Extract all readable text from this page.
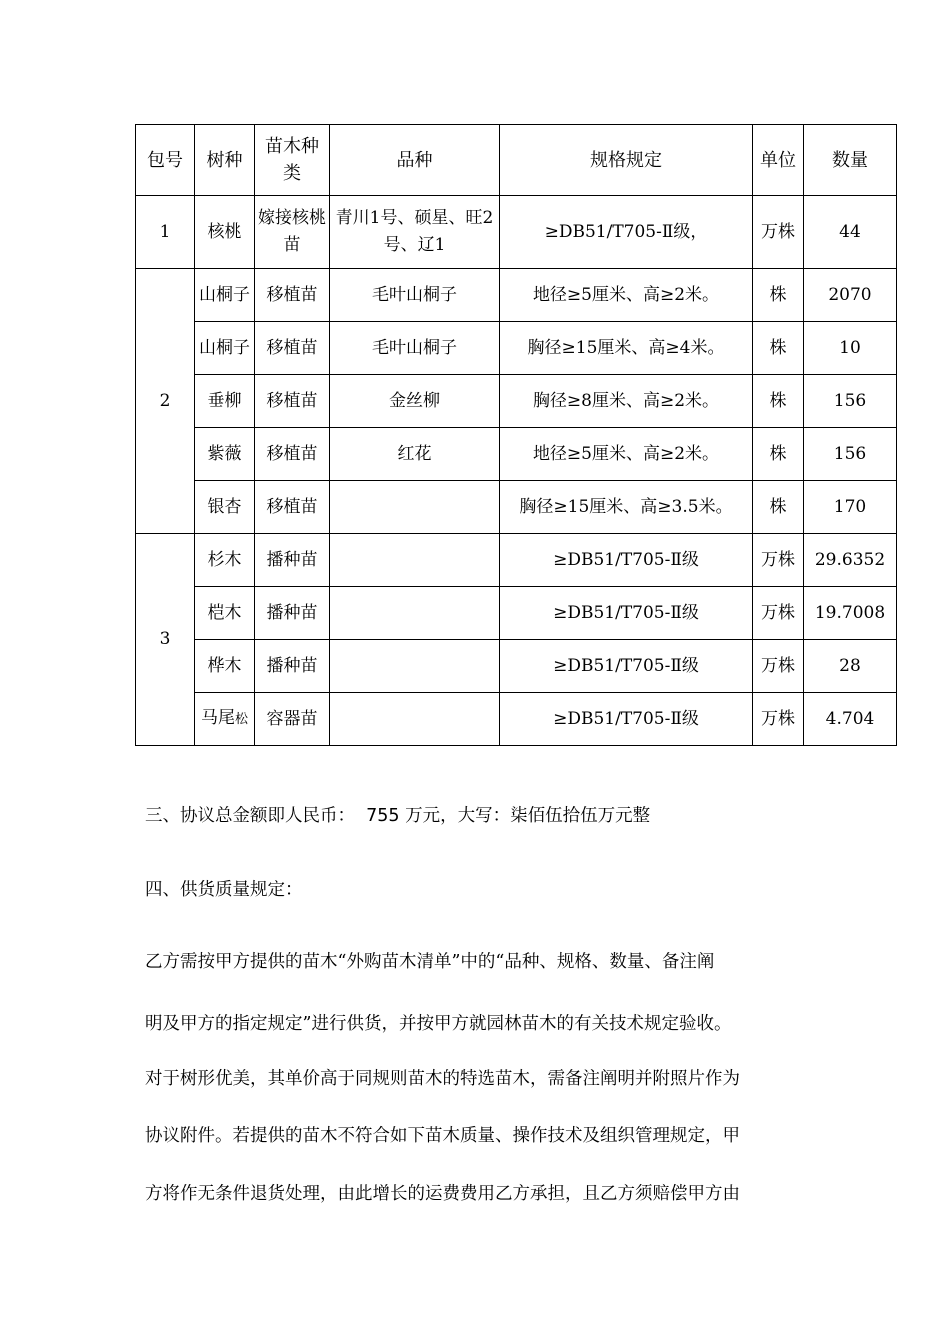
包号	树种	苗木种类	品种	规格规定	单位	数量
1	核桃	嫁接核桃苗	青川1号、硕星、旺2号、辽1	≥DB51/T705-Ⅱ级，	万株	44
2	山桐子	移植苗	毛叶山桐子	地径≥5厘米、高≥2米。	株	2070
	山桐子	移植苗	毛叶山桐子	胸径≥15厘米、高≥4米。	株	10
	垂柳	移植苗	金丝柳	胸径≥8厘米、高≥2米。	株	156
	紫薇	移植苗	红花	地径≥5厘米、高≥2米。	株	156
	银杏	移植苗		胸径≥15厘米、高≥3.5米。	株	170
3	杉木	播种苗		≥DB51/T705-Ⅱ级	万株	29.6352
	桤木	播种苗		≥DB51/T705-Ⅱ级	万株	19.7008
	桦木	播种苗		≥DB51/T705-Ⅱ级	万株	28
	马尾松	容器苗		≥DB51/T705-Ⅱ级	万株	4.704

三、协议总金额即人民币： 755 万元，大写：柒佰伍拾伍万元整

四、供货质量规定：

乙方需按甲方提供的苗木“外购苗木清单”中的“品种、规格、数量、备注阐

明及甲方的指定规定”进行供货，并按甲方就园林苗木的有关技术规定验收。

对于树形优美，其单价高于同规则苗木的特选苗木，需备注阐明并附照片作为

协议附件。若提供的苗木不符合如下苗木质量、操作技术及组织管理规定，甲

方将作无条件退货处理，由此增长的运费费用乙方承担，且乙方须赔偿甲方由
